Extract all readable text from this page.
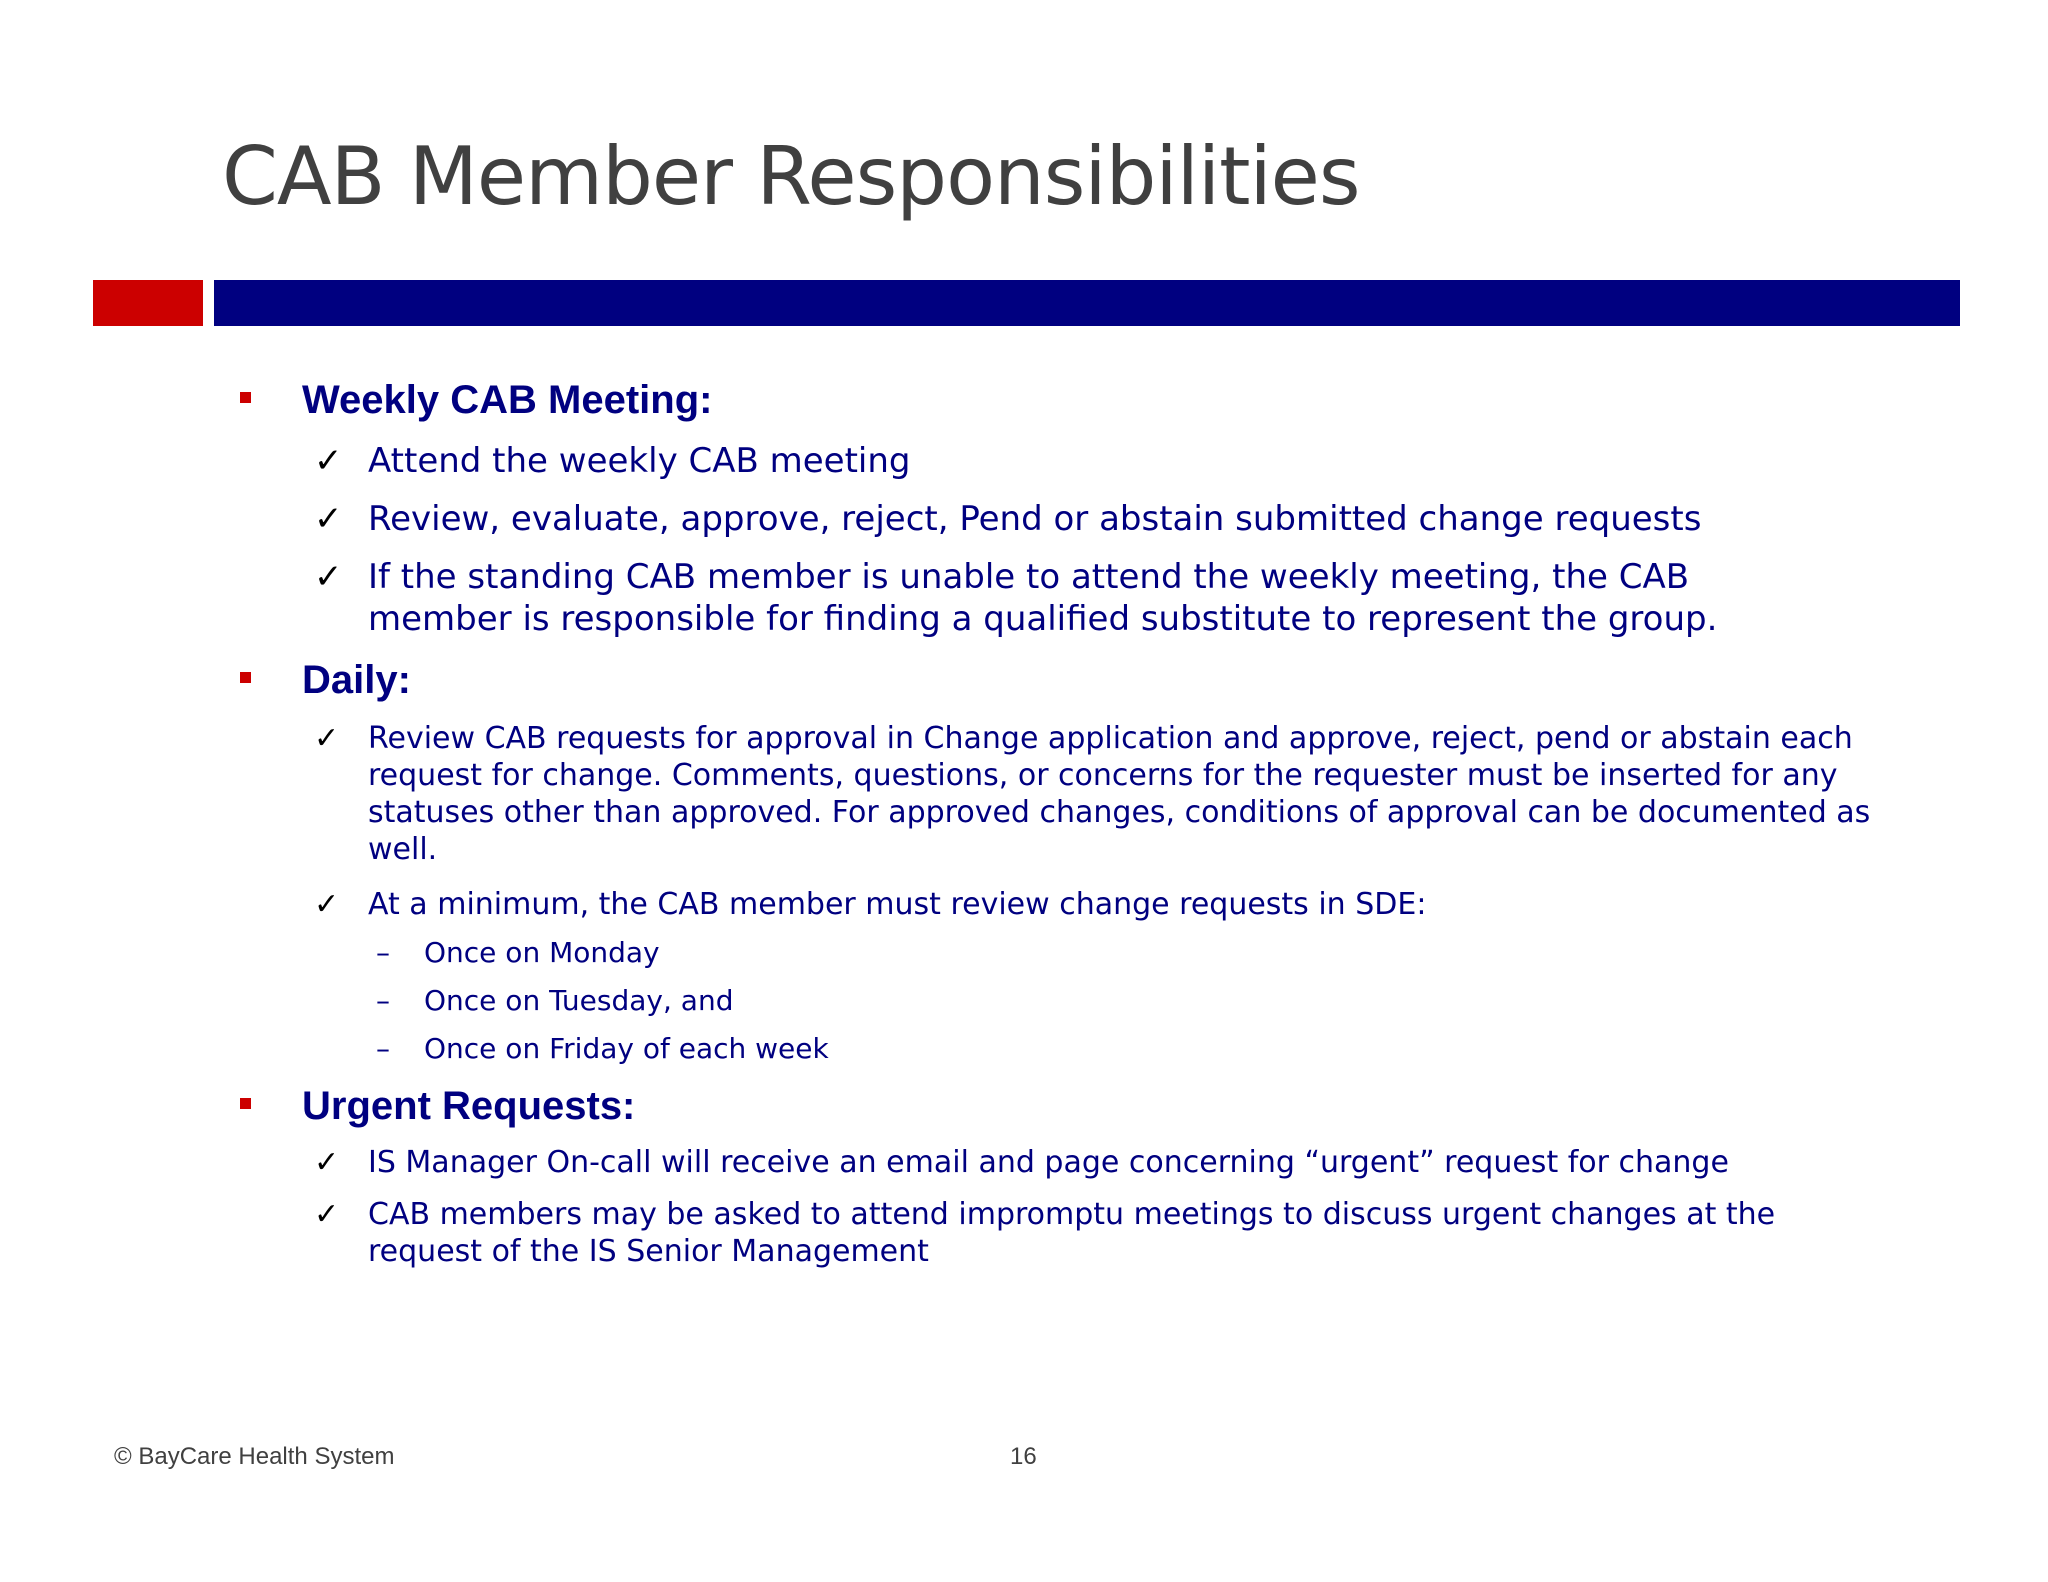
CAB Member Responsibilities
Weekly CAB Meeting:
✓ Attend the weekly CAB meeting
✓ Review, evaluate, approve, reject, Pend or abstain submitted change requests
✓ If the standing CAB member is unable to attend the weekly meeting, the CAB member is responsible for finding a qualified substitute to represent the group.
Daily:
✓ Review CAB requests for approval in Change application and approve, reject, pend or abstain each request for change. Comments, questions, or concerns for the requester must be inserted for any statuses other than approved. For approved changes, conditions of approval can be documented as well.
✓ At a minimum, the CAB member must review change requests in SDE:
– Once on Monday
– Once on Tuesday, and
– Once on Friday of each week
Urgent Requests:
✓ IS Manager On-call will receive an email and page concerning “urgent” request for change
✓ CAB members may be asked to attend impromptu meetings to discuss urgent changes at the request of the IS Senior Management
© BayCare Health System	16
